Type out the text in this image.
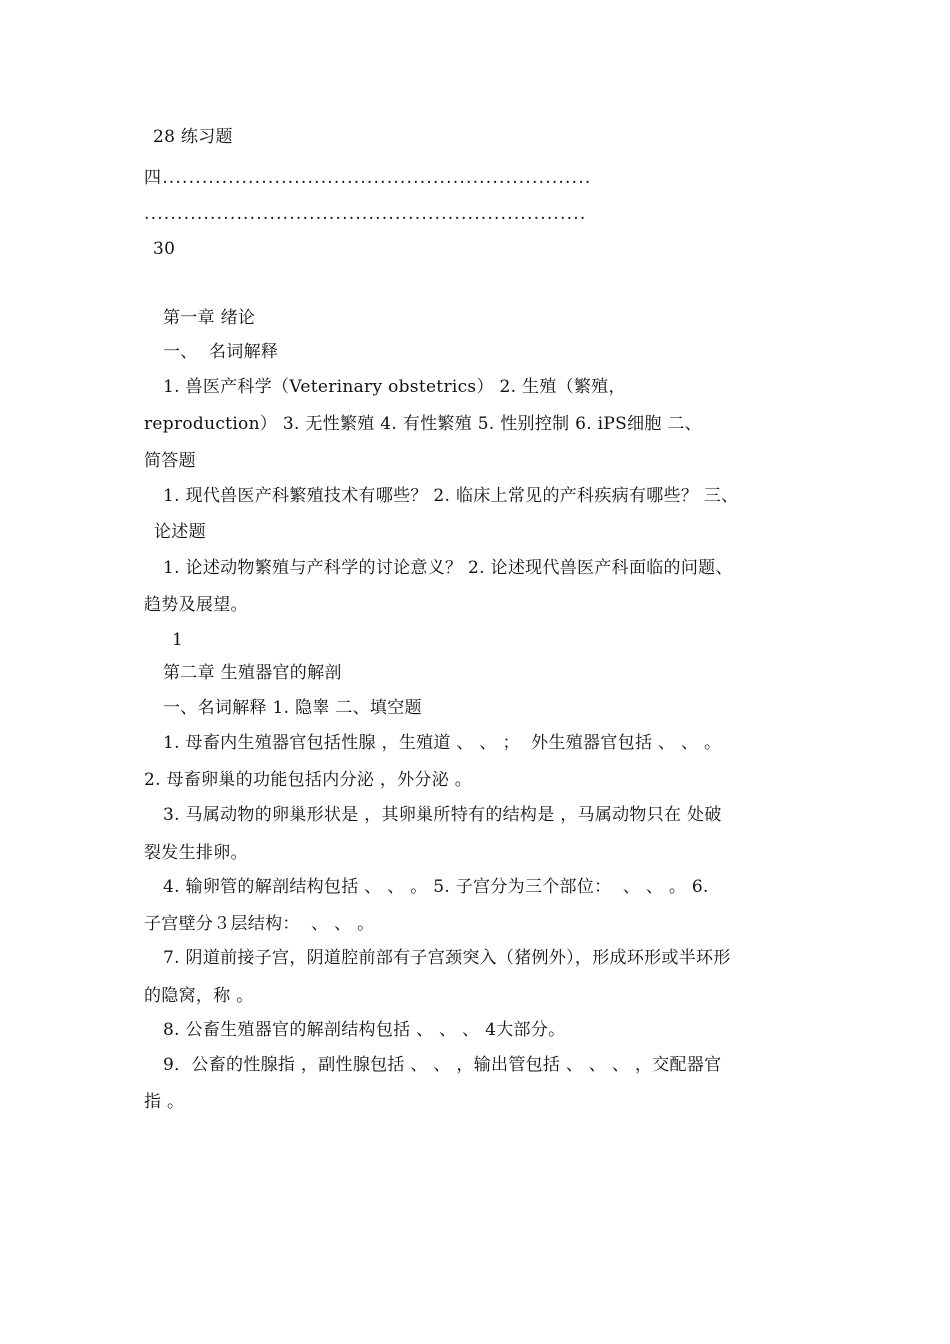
28 练习题
四.................................................................
...................................................................
30
第一章 绪论
一、  名词解释
1. 兽医产科学（Veterinary obstetrics） 2. 生殖（繁殖，
reproduction） 3. 无性繁殖 4. 有性繁殖 5. 性别控制 6. iPS细胞 二、
简答题
1. 现代兽医产科繁殖技术有哪些？ 2. 临床上常见的产科疾病有哪些？ 三、
论述题
1. 论述动物繁殖与产科学的讨论意义？ 2. 论述现代兽医产科面临的问题、
趋势及展望。
1
第二章 生殖器官的解剖
一、名词解释 1. 隐睾 二、填空题
1. 母畜内生殖器官包括性腺 ，生殖道 、 、 ；  外生殖器官包括 、 、 。
2. 母畜卵巢的功能包括内分泌 ，外分泌 。
3. 马属动物的卵巢形状是 ，其卵巢所特有的结构是 ，马属动物只在 处破
裂发生排卵。
4. 输卵管的解剖结构包括 、 、 。 5. 子宫分为三个部位：  、 、 。 6.
子宫壁分３层结构：  、 、 。
7. 阴道前接子宫，阴道腔前部有子宫颈突入（猪例外），形成环形或半环形
的隐窝，称 。
8. 公畜生殖器官的解剖结构包括 、 、 、 4大部分。
9．公畜的性腺指 ，副性腺包括 、 、 ，输出管包括 、 、 、 ，交配器官
指 。
